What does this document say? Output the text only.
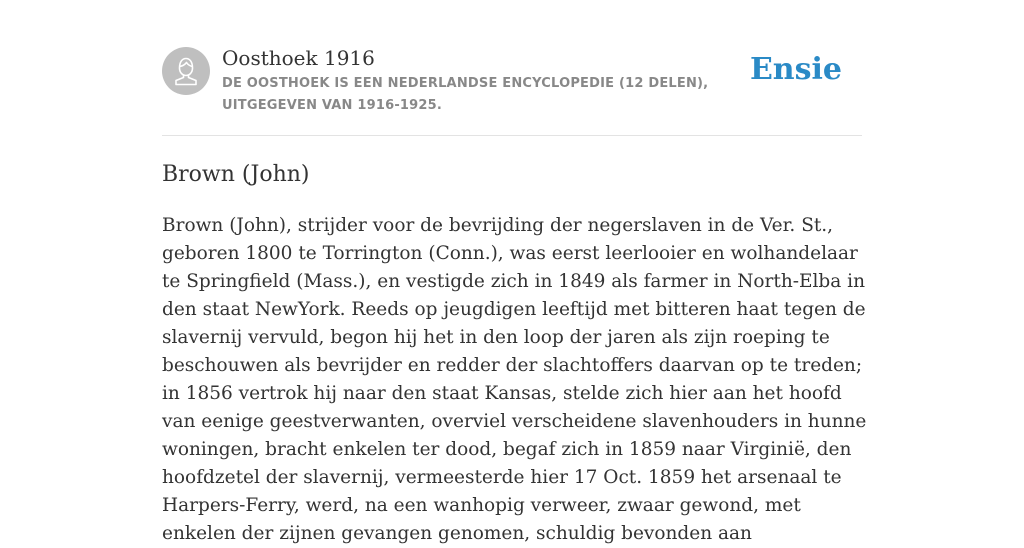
Oosthoek 1916
DE OOSTHOEK IS EEN NEDERLANDSE ENCYCLOPEDIE (12 DELEN), UITGEGEVEN VAN 1916-1925.
Ensie
Brown (John)

Brown (John), strijder voor de bevrijding der negerslaven in de Ver. St., geboren 1800 te Torrington (Conn.), was eerst leerlooier en wolhandelaar te Springfield (Mass.), en vestigde zich in 1849 als farmer in North-Elba in den staat NewYork. Reeds op jeugdigen leeftijd met bitteren haat tegen de slavernij vervuld, begon hij het in den loop der jaren als zijn roeping te beschouwen als bevrijder en redder der slachtoffers daarvan op te treden; in 1856 vertrok hij naar den staat Kansas, stelde zich hier aan het hoofd van eenige geestverwanten, overviel verscheidene slavenhouders in hunne woningen, bracht enkelen ter dood, begaf zich in 1859 naar Virginië, den hoofdzetel der slavernij, vermeesterde hier 17 Oct. 1859 het arsenaal te Harpers-Ferry, werd, na een wanhopig verweer, zwaar gewond, met enkelen der zijnen gevangen genomen, schuldig bevonden aan
